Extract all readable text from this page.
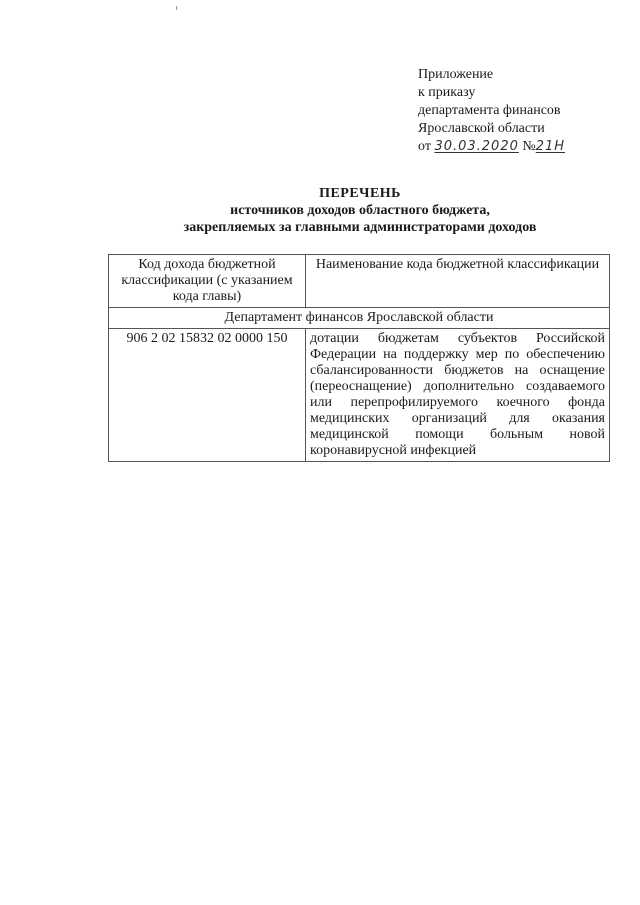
Приложение
к приказу
департамента финансов
Ярославской области
от 30.03.2020 №21Н
ПЕРЕЧЕНЬ
источников доходов областного бюджета,
закрепляемых за главными администраторами доходов
Код дохода бюджетной классификации (с указанием кода главы)	Наименование кода бюджетной классификации
Департамент финансов Ярославской области	
906 2 02 15832 02 0000 150	дотации бюджетам субъектов Российской Федерации на поддержку мер по обеспечению сбалансированности бюджетов на оснащение (переоснащение) дополнительно создаваемого или перепрофилируемого коечного фонда медицинских организаций для оказания медицинской помощи больным новой коронавирусной инфекцией
